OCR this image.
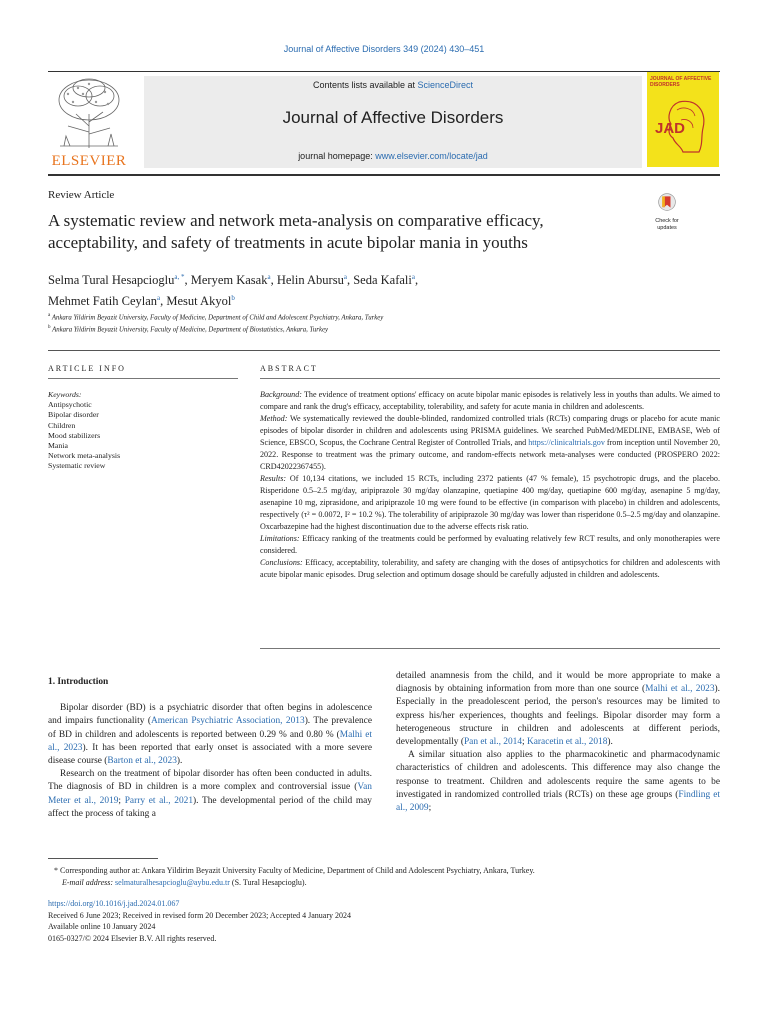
Journal of Affective Disorders 349 (2024) 430–451
ELSEVIER
Contents lists available at ScienceDirect
Journal of Affective Disorders
journal homepage: www.elsevier.com/locate/jad
JOURNAL OF AFFECTIVE DISORDERS
JAD
Review Article
A systematic review and network meta-analysis on comparative efficacy, acceptability, and safety of treatments in acute bipolar mania in youths
Check for
updates
Selma Tural Hesapcioglu$^{a, *}$, Meryem Kasak$^a$, Helin Abursu$^a$, Seda Kafali$^a$,
Mehmet Fatih Ceylan$^a$, Mesut Akyol$^b$
$^a$ Ankara Yildirim Beyazit University, Faculty of Medicine, Department of Child and Adolescent Psychiatry, Ankara, Turkey
$^b$ Ankara Yildirim Beyazit University, Faculty of Medicine, Department of Biostatistics, Ankara, Turkey
ARTICLE INFO	ABSTRACT
Keywords:
Antipsychotic
Bipolar disorder
Children
Mood stabilizers
Mania
Network meta-analysis
Systematic review

Background: The evidence of treatment options' efficacy on acute bipolar manic episodes is relatively less in youths than adults. We aimed to compare and rank the drug's efficacy, acceptability, tolerability, and safety for acute mania in children and adolescents.

Method: We systematically reviewed the double-blinded, randomized controlled trials (RCTs) comparing drugs or placebo for acute manic episodes of bipolar disorder in children and adolescents using PRISMA guidelines. We searched PubMed/MEDLINE, EMBASE, Web of Science, EBSCO, Scopus, the Cochrane Central Register of Controlled Trials, and https://clinicaltrials.gov from inception until November 20, 2022. Response to treatment was the primary outcome, and random-effects network meta-analyses were conducted (PROSPERO 2022: CRD42022367455).

Results: Of 10,134 citations, we included 15 RCTs, including 2372 patients (47 % female), 15 psychotropic drugs, and the placebo. Risperidone 0.5–2.5 mg/day, aripiprazole 30 mg/day olanzapine, quetiapine 400 mg/day, quetiapine 600 mg/day, asenapine 5 mg/day, asenapine 10 mg, ziprasidone, and aripiprazole 10 mg were found to be effective (in comparison with placebo) in children and adolescents, respectively (τ² = 0.0072, I² = 10.2 %). The tolerability of aripiprazole 30 mg/day was lower than risperidone 0.5–2.5 mg/day and olanzapine. Oxcarbazepine had the highest discontinuation due to the adverse effects risk ratio.

Limitations: Efficacy ranking of the treatments could be performed by evaluating relatively few RCT results, and only monotherapies were considered.

Conclusions: Efficacy, acceptability, tolerability, and safety are changing with the doses of antipsychotics for children and adolescents with acute bipolar manic episodes. Drug selection and optimum dosage should be carefully adjusted in children and adolescents.

1. Introduction

Bipolar disorder (BD) is a psychiatric disorder that often begins in adolescence and impairs functionality (American Psychiatric Association, 2013). The prevalence of BD in children and adolescents is reported between 0.29 % and 0.80 % (Malhi et al., 2023). It has been reported that early onset is associated with a more severe disease course (Barton et al., 2023).

Research on the treatment of bipolar disorder has often been conducted in adults. The diagnosis of BD in children is a more complex and controversial issue (Van Meter et al., 2019; Parry et al., 2021). The developmental period of the child may affect the process of taking a

detailed anamnesis from the child, and it would be more appropriate to make a diagnosis by obtaining information from more than one source (Malhi et al., 2023). Especially in the preadolescent period, the person's resources may be limited to express his/her experiences, thoughts and feelings. Bipolar disorder may form a heterogeneous structure in children and adolescents at different periods, developmentally (Pan et al., 2014; Karacetin et al., 2018).

A similar situation also applies to the pharmacokinetic and pharmacodynamic characteristics of children and adolescents. This difference may also change the response to treatment. Children and adolescents require the same agents to be investigated in randomized controlled trials (RCTs) on these age groups (Findling et al., 2009;

* Corresponding author at: Ankara Yildirim Beyazit University Faculty of Medicine, Department of Child and Adolescent Psychiatry, Ankara, Turkey.
E-mail address: selmaturalhesapcioglu@aybu.edu.tr (S. Tural Hesapcioglu).
https://doi.org/10.1016/j.jad.2024.01.067
Received 6 June 2023; Received in revised form 20 December 2023; Accepted 4 January 2024
Available online 10 January 2024
0165-0327/© 2024 Elsevier B.V. All rights reserved.
